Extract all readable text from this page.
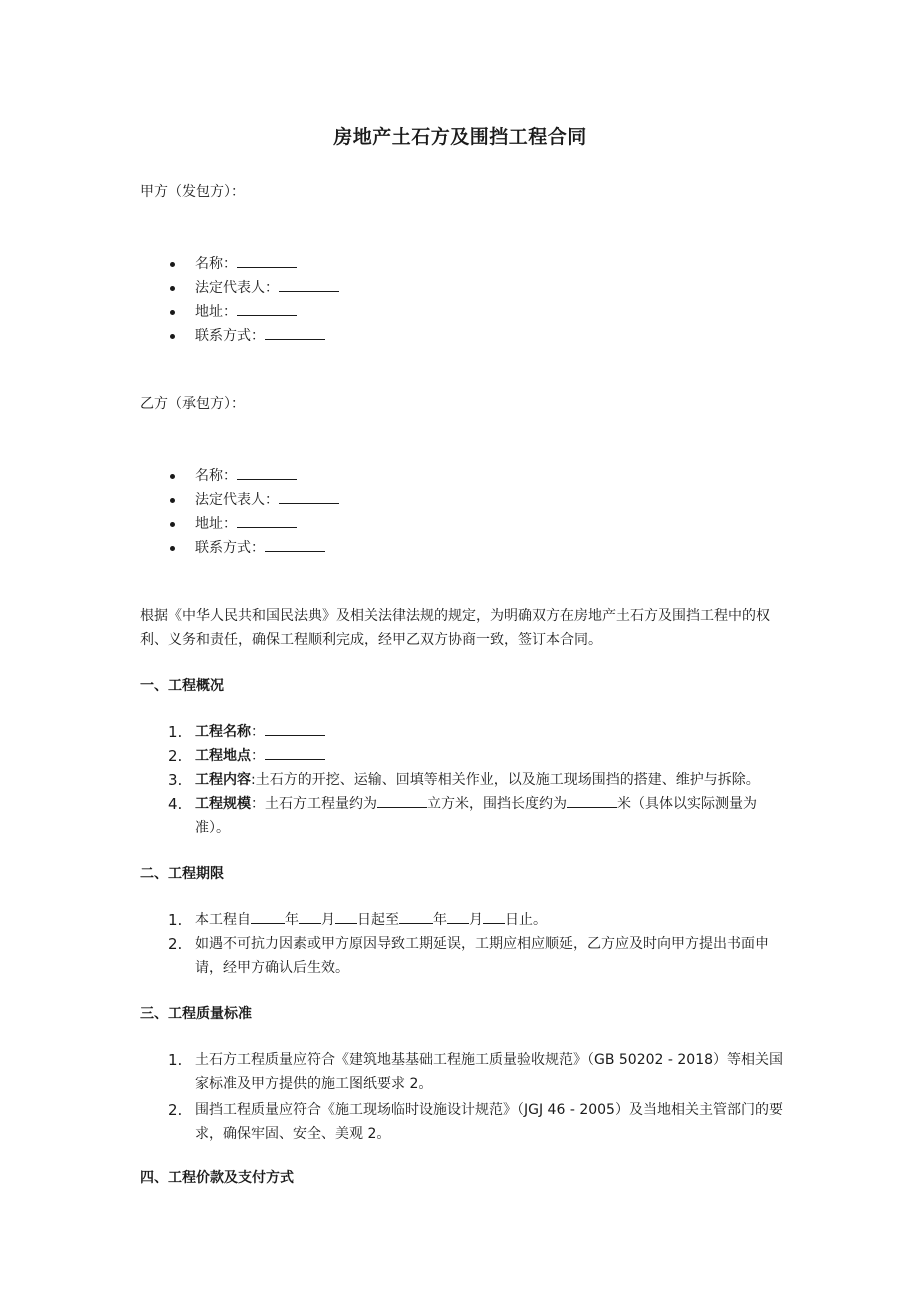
房地产土石方及围挡工程合同
甲方（发包方）：
名称：
法定代表人：
地址：
联系方式：
乙方（承包方）：
名称：
法定代表人：
地址：
联系方式：

根据《中华人民共和国民法典》及相关法律法规的规定，为明确双方在房地产土石方及围挡工程中的权利、义务和责任，确保工程顺利完成，经甲乙双方协商一致，签订本合同。

一、工程概况
1. 工程名称：
2. 工程地点：
3. 工程内容:土石方的开挖、运输、回填等相关作业，以及施工现场围挡的搭建、维护与拆除。
4. 工程规模：土石方工程量约为	立方米，围挡长度约为	米（具体以实际测量为准）。
二、工程期限
1. 本工程自 年 月 日起至 年 月 日止。
2. 如遇不可抗力因素或甲方原因导致工期延误，工期应相应顺延，乙方应及时向甲方提出书面申请，经甲方确认后生效。
三、工程质量标准
1. 土石方工程质量应符合《建筑地基基础工程施工质量验收规范》（GB 50202 - 2018）等相关国家标准及甲方提供的施工图纸要求 2。
2. 围挡工程质量应符合《施工现场临时设施设计规范》（JGJ 46 - 2005）及当地相关主管部门的要求，确保牢固、安全、美观 2。
四、工程价款及支付方式
